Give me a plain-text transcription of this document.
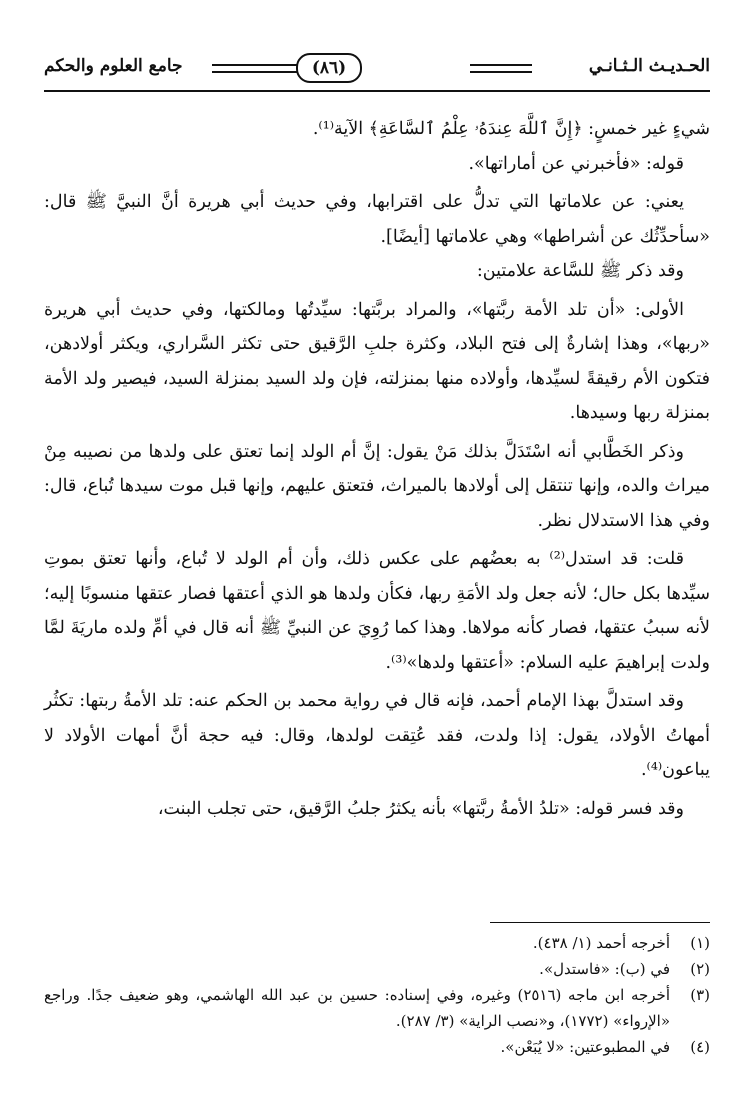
الحـديـث الـثـانـي
(٨٦)
جامع العلوم والحكم

شيءٍ غير خمسٍ: ﴿إِنَّ ٱللَّهَ عِندَهُۥ عِلْمُ ٱلسَّاعَةِ﴾ الآية⁽¹⁾.

قوله: «فأخبرني عن أماراتها».

يعني: عن علاماتها التي تدلُّ على اقترابها، وفي حديث أبي هريرة أنَّ النبيَّ ﷺ قال: «سأحدِّثُك عن أشراطها» وهي علاماتها [أيضًا].

وقد ذكر ﷺ للسَّاعة علامتين:

الأولى: «أن تلد الأمة ربَّتها»، والمراد بربَّتها: سيِّدتُها ومالكتها، وفي حديث أبي هريرة «ربها»، وهذا إشارةٌ إلى فتح البلاد، وكثرة جلبِ الرَّقيق حتى تكثر السَّراري، ويكثر أولادهن، فتكون الأم رقيقةً لسيِّدها، وأولاده منها بمنزلته، فإن ولد السيد بمنزلة السيد، فيصير ولد الأمة بمنزلة ربها وسيدها.

وذكر الخَطَّابي أنه اسْتَدَلَّ بذلك مَنْ يقول: إنَّ أم الولد إنما تعتق على ولدها من نصيبه مِنْ ميراث والده، وإنها تنتقل إلى أولادها بالميراث، فتعتق عليهم، وإنها قبل موت سيدها تُباع، قال: وفي هذا الاستدلال نظر.

قلت: قد استدل⁽²⁾ به بعضُهم على عكس ذلك، وأن أم الولد لا تُباع، وأنها تعتق بموتِ سيِّدها بكل حال؛ لأنه جعل ولد الأمَةِ ربها، فكأن ولدها هو الذي أعتقها فصار عتقها منسوبًا إليه؛ لأنه سببُ عتقها، فصار كأنه مولاها. وهذا كما رُوِيَ عن النبيِّ ﷺ أنه قال في أمِّ ولده ماريَةَ لمَّا ولدت إبراهيمَ عليه السلام: «أعتقها ولدها»⁽³⁾.

وقد استدلَّ بهذا الإمام أحمد، فإنه قال في رواية محمد بن الحكم عنه: تلد الأمةُ ربتها: تكثُر أمهاتُ الأولاد، يقول: إذا ولدت، فقد عُتِقت لولدها، وقال: فيه حجة أنَّ أمهات الأولاد لا يباعون⁽⁴⁾.

وقد فسر قوله: «تلدُ الأمةُ ربَّتها» بأنه يكثرُ جلبُ الرَّقيق، حتى تجلب البنت،

(١)
أخرجه أحمد (١/ ٤٣٨).
(٢)
في (ب): «فاستدل».
(٣)
أخرجه ابن ماجه (٢٥١٦) وغيره، وفي إسناده: حسين بن عبد الله الهاشمي، وهو ضعيف جدًا. وراجع «الإرواء» (١٧٧٢)، و«نصب الراية» (٣/ ٢٨٧).
(٤)
في المطبوعتين: «لا يُبَعْن».
